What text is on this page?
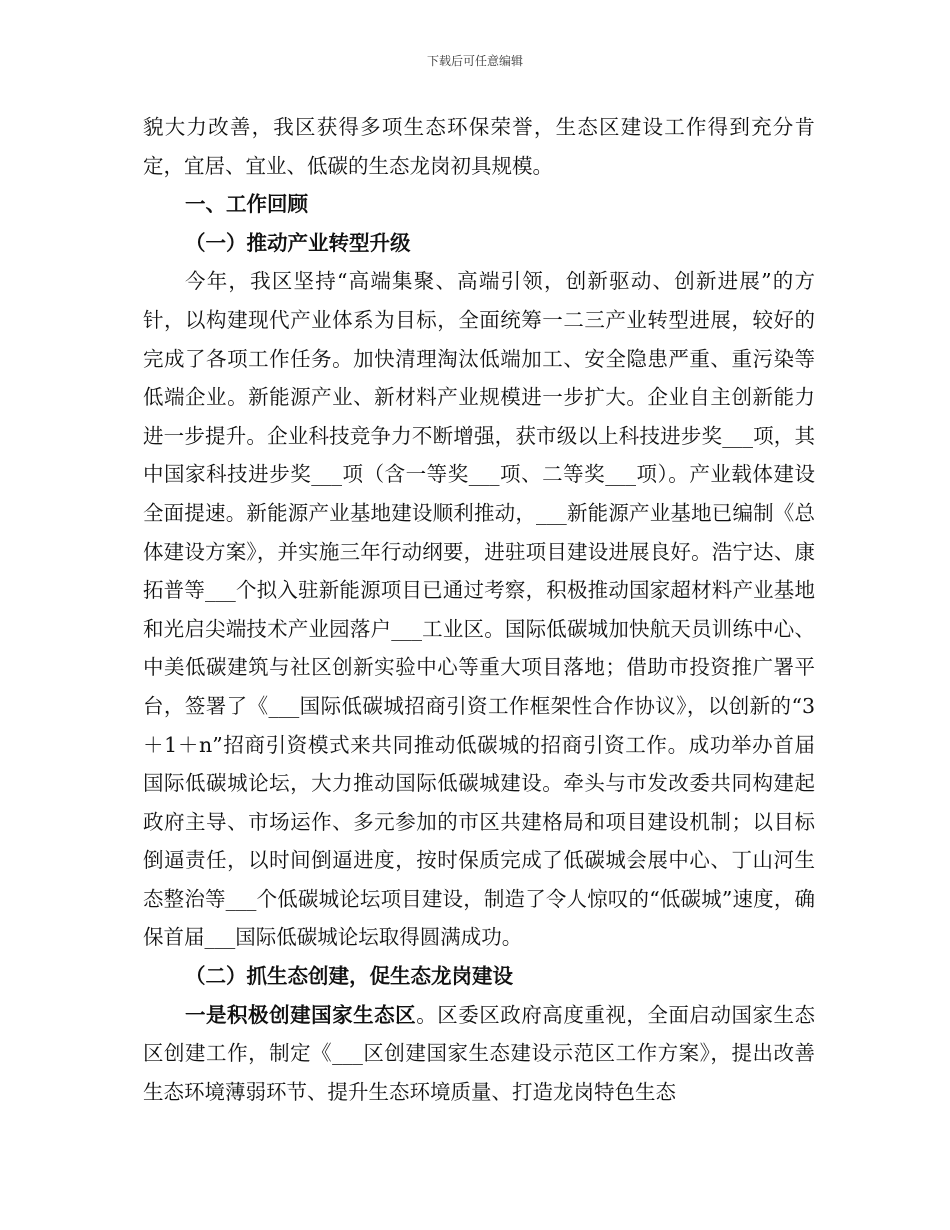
下载后可任意编辑

貌大力改善，我区获得多项生态环保荣誉，生态区建设工作得到充分肯定，宜居、宜业、低碳的生态龙岗初具规模。

一、工作回顾

（一）推动产业转型升级

今年，我区坚持“高端集聚、高端引领，创新驱动、创新进展”的方针，以构建现代产业体系为目标，全面统筹一二三产业转型进展，较好的完成了各项工作任务。加快清理淘汰低端加工、安全隐患严重、重污染等低端企业。新能源产业、新材料产业规模进一步扩大。企业自主创新能力进一步提升。企业科技竞争力不断增强，获市级以上科技进步奖___项，其中国家科技进步奖___项（含一等奖___项、二等奖___项）。产业载体建设全面提速。新能源产业基地建设顺利推动，___新能源产业基地已编制《总体建设方案》，并实施三年行动纲要，进驻项目建设进展良好。浩宁达、康拓普等___个拟入驻新能源项目已通过考察，积极推动国家超材料产业基地和光启尖端技术产业园落户___工业区。国际低碳城加快航天员训练中心、中美低碳建筑与社区创新实验中心等重大项目落地；借助市投资推广署平台，签署了《___国际低碳城招商引资工作框架性合作协议》，以创新的“3＋1＋n”招商引资模式来共同推动低碳城的招商引资工作。成功举办首届国际低碳城论坛，大力推动国际低碳城建设。牵头与市发改委共同构建起政府主导、市场运作、多元参加的市区共建格局和项目建设机制；以目标倒逼责任，以时间倒逼进度，按时保质完成了低碳城会展中心、丁山河生态整治等___个低碳城论坛项目建设，制造了令人惊叹的“低碳城”速度，确保首届___国际低碳城论坛取得圆满成功。

（二）抓生态创建，促生态龙岗建设

一是积极创建国家生态区。区委区政府高度重视，全面启动国家生态区创建工作，制定《___区创建国家生态建设示范区工作方案》，提出改善生态环境薄弱环节、提升生态环境质量、打造龙岗特色生态
